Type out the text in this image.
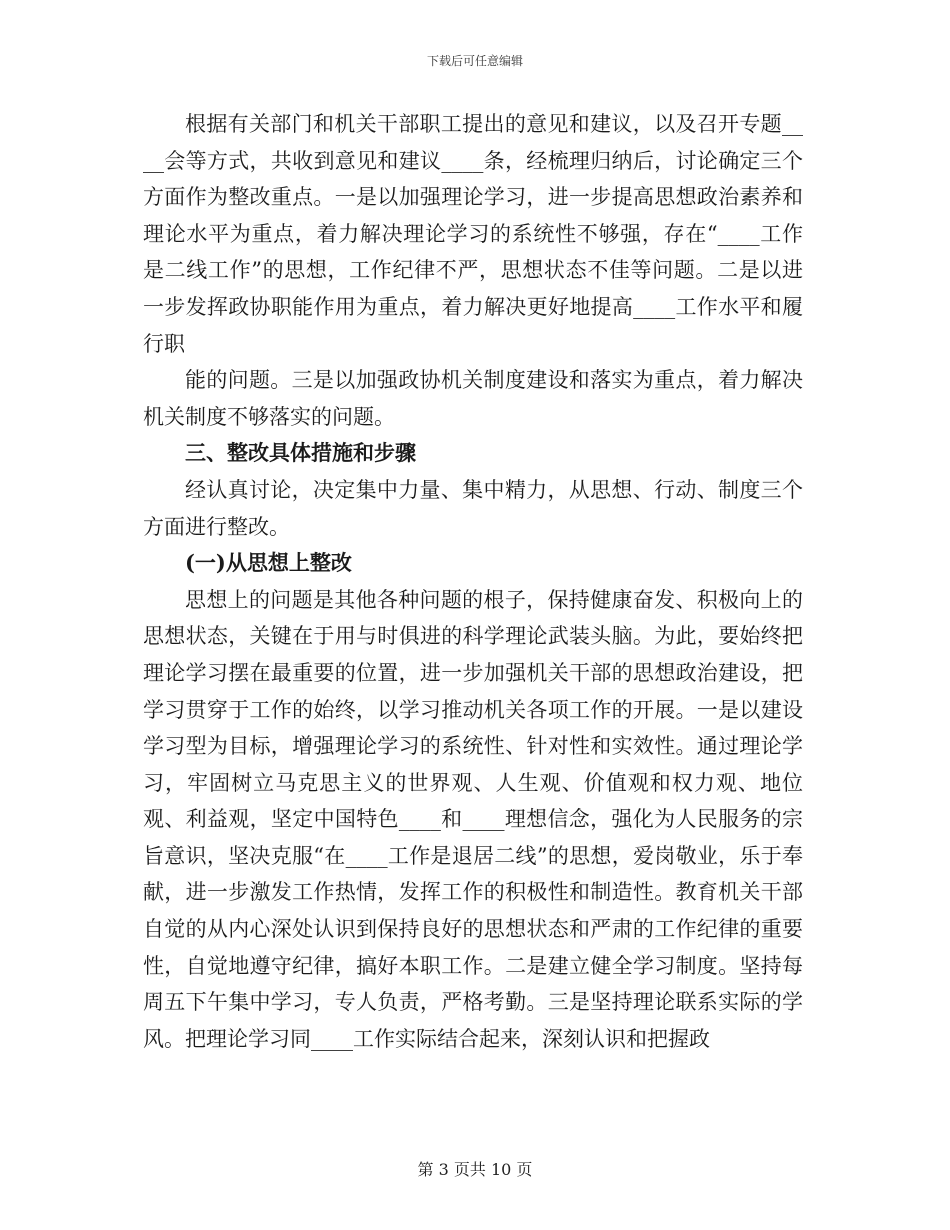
下载后可任意编辑

根据有关部门和机关干部职工提出的意见和建议，以及召开专题____会等方式，共收到意见和建议____条，经梳理归纳后，讨论确定三个方面作为整改重点。一是以加强理论学习，进一步提高思想政治素养和理论水平为重点，着力解决理论学习的系统性不够强，存在“____工作是二线工作”的思想，工作纪律不严，思想状态不佳等问题。二是以进一步发挥政协职能作用为重点，着力解决更好地提高____工作水平和履行职

能的问题。三是以加强政协机关制度建设和落实为重点，着力解决机关制度不够落实的问题。

三、整改具体措施和步骤

经认真讨论，决定集中力量、集中精力，从思想、行动、制度三个方面进行整改。

(一)从思想上整改

思想上的问题是其他各种问题的根子，保持健康奋发、积极向上的思想状态，关键在于用与时俱进的科学理论武装头脑。为此，要始终把理论学习摆在最重要的位置，进一步加强机关干部的思想政治建设，把学习贯穿于工作的始终，以学习推动机关各项工作的开展。一是以建设学习型为目标，增强理论学习的系统性、针对性和实效性。通过理论学习，牢固树立马克思主义的世界观、人生观、价值观和权力观、地位观、利益观，坚定中国特色____和____理想信念，强化为人民服务的宗旨意识，坚决克服“在____工作是退居二线”的思想，爱岗敬业，乐于奉献，进一步激发工作热情，发挥工作的积极性和制造性。教育机关干部自觉的从内心深处认识到保持良好的思想状态和严肃的工作纪律的重要性，自觉地遵守纪律，搞好本职工作。二是建立健全学习制度。坚持每周五下午集中学习，专人负责，严格考勤。三是坚持理论联系实际的学风。把理论学习同____工作实际结合起来，深刻认识和把握政

第 3 页共 10 页
